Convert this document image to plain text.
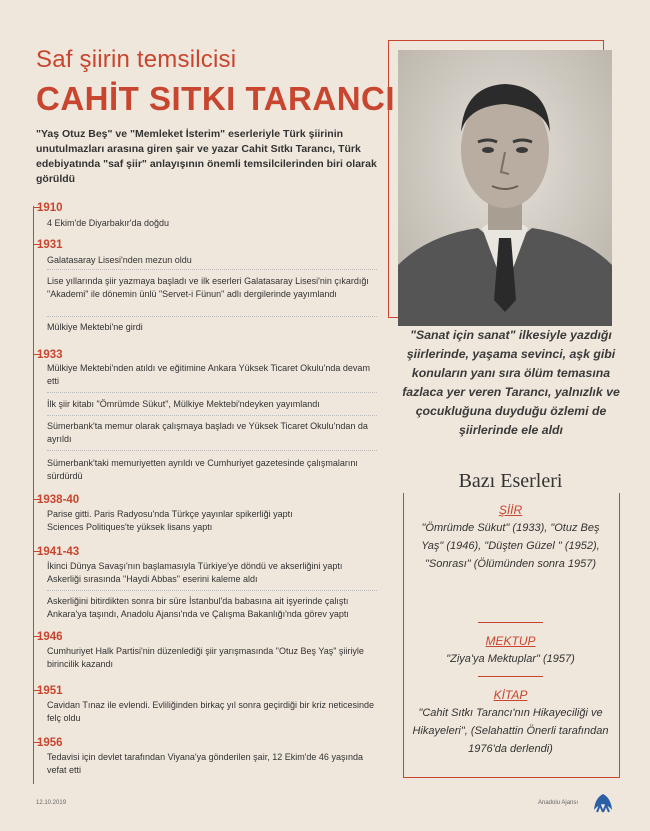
Saf şiirin temsilcisi
CAHİT SITKI TARANCI
"Yaş Otuz Beş" ve "Memleket İsterim" eserleriyle Türk şiirinin unutulmazları arasına giren şair ve yazar Cahit Sıtkı Tarancı, Türk edebiyatında "saf şiir" anlayışının önemli temsilcilerinden biri olarak görüldü
"Sanat için sanat" ilkesiyle yazdığı şiirlerinde, yaşama sevinci, aşk gibi konuların yanı sıra ölüm temasına fazlaca yer veren Tarancı, yalnızlık ve çocukluğuna duyduğu özlemi de şiirlerinde ele aldı
1910
4 Ekim'de Diyarbakır'da doğdu
1931
Galatasaray Lisesi'nden mezun oldu
Lise yıllarında şiir yazmaya başladı ve ilk eserleri Galatasaray Lisesi'nin çıkardığı "Akademi" ile dönemin ünlü "Servet-i Fünun" adlı dergilerinde yayımlandı
Mülkiye Mektebi'ne girdi
1933
Mülkiye Mektebi'nden atıldı ve eğitimine Ankara Yüksek Ticaret Okulu'nda devam etti
İlk şiir kitabı "Ömrümde Sükut", Mülkiye Mektebi'ndeyken yayımlandı
Sümerbank'ta memur olarak çalışmaya başladı ve Yüksek Ticaret Okulu'ndan da ayrıldı
Sümerbank'taki memuriyetten ayrıldı ve Cumhuriyet gazetesinde çalışmalarını sürdürdü
1938-40
Parise gitti. Paris Radyosu'nda Türkçe yayınlar spikerliği yaptı
Sciences Politiques'te yüksek lisans yaptı
1941-43
İkinci Dünya Savaşı'nın başlamasıyla Türkiye'ye döndü ve akserliğini yaptı
Askerliği sırasında "Haydi Abbas" eserini kaleme aldı
Askerliğini bitirdikten sonra bir süre İstanbul'da babasına ait işyerinde çalıştı
Ankara'ya taşındı, Anadolu Ajansı'nda ve Çalışma Bakanlığı'nda görev yaptı
1946
Cumhuriyet Halk Partisi'nin düzenlediği şiir yarışmasında "Otuz Beş Yaş" şiiriyle birincilik kazandı
1951
Cavidan Tınaz ile evlendi. Evliliğinden birkaç yıl sonra geçirdiği bir kriz neticesinde felç oldu
1956
Tedavisi için devlet tarafından Viyana'ya gönderilen şair, 12 Ekim'de 46 yaşında vefat etti
Bazı Eserleri
ŞİİR
"Ömrümde Sükut" (1933), "Otuz Beş Yaş" (1946), "Düşten Güzel " (1952), "Sonrası" (Ölümünden sonra 1957)
MEKTUP
"Ziya'ya Mektuplar" (1957)
KİTAP
"Cahit Sıtkı Tarancı'nın Hikayeciliği ve Hikayeleri", (Selahattin Önerli tarafından 1976'da derlendi)
12.10.2019	Anadolu Ajansı
